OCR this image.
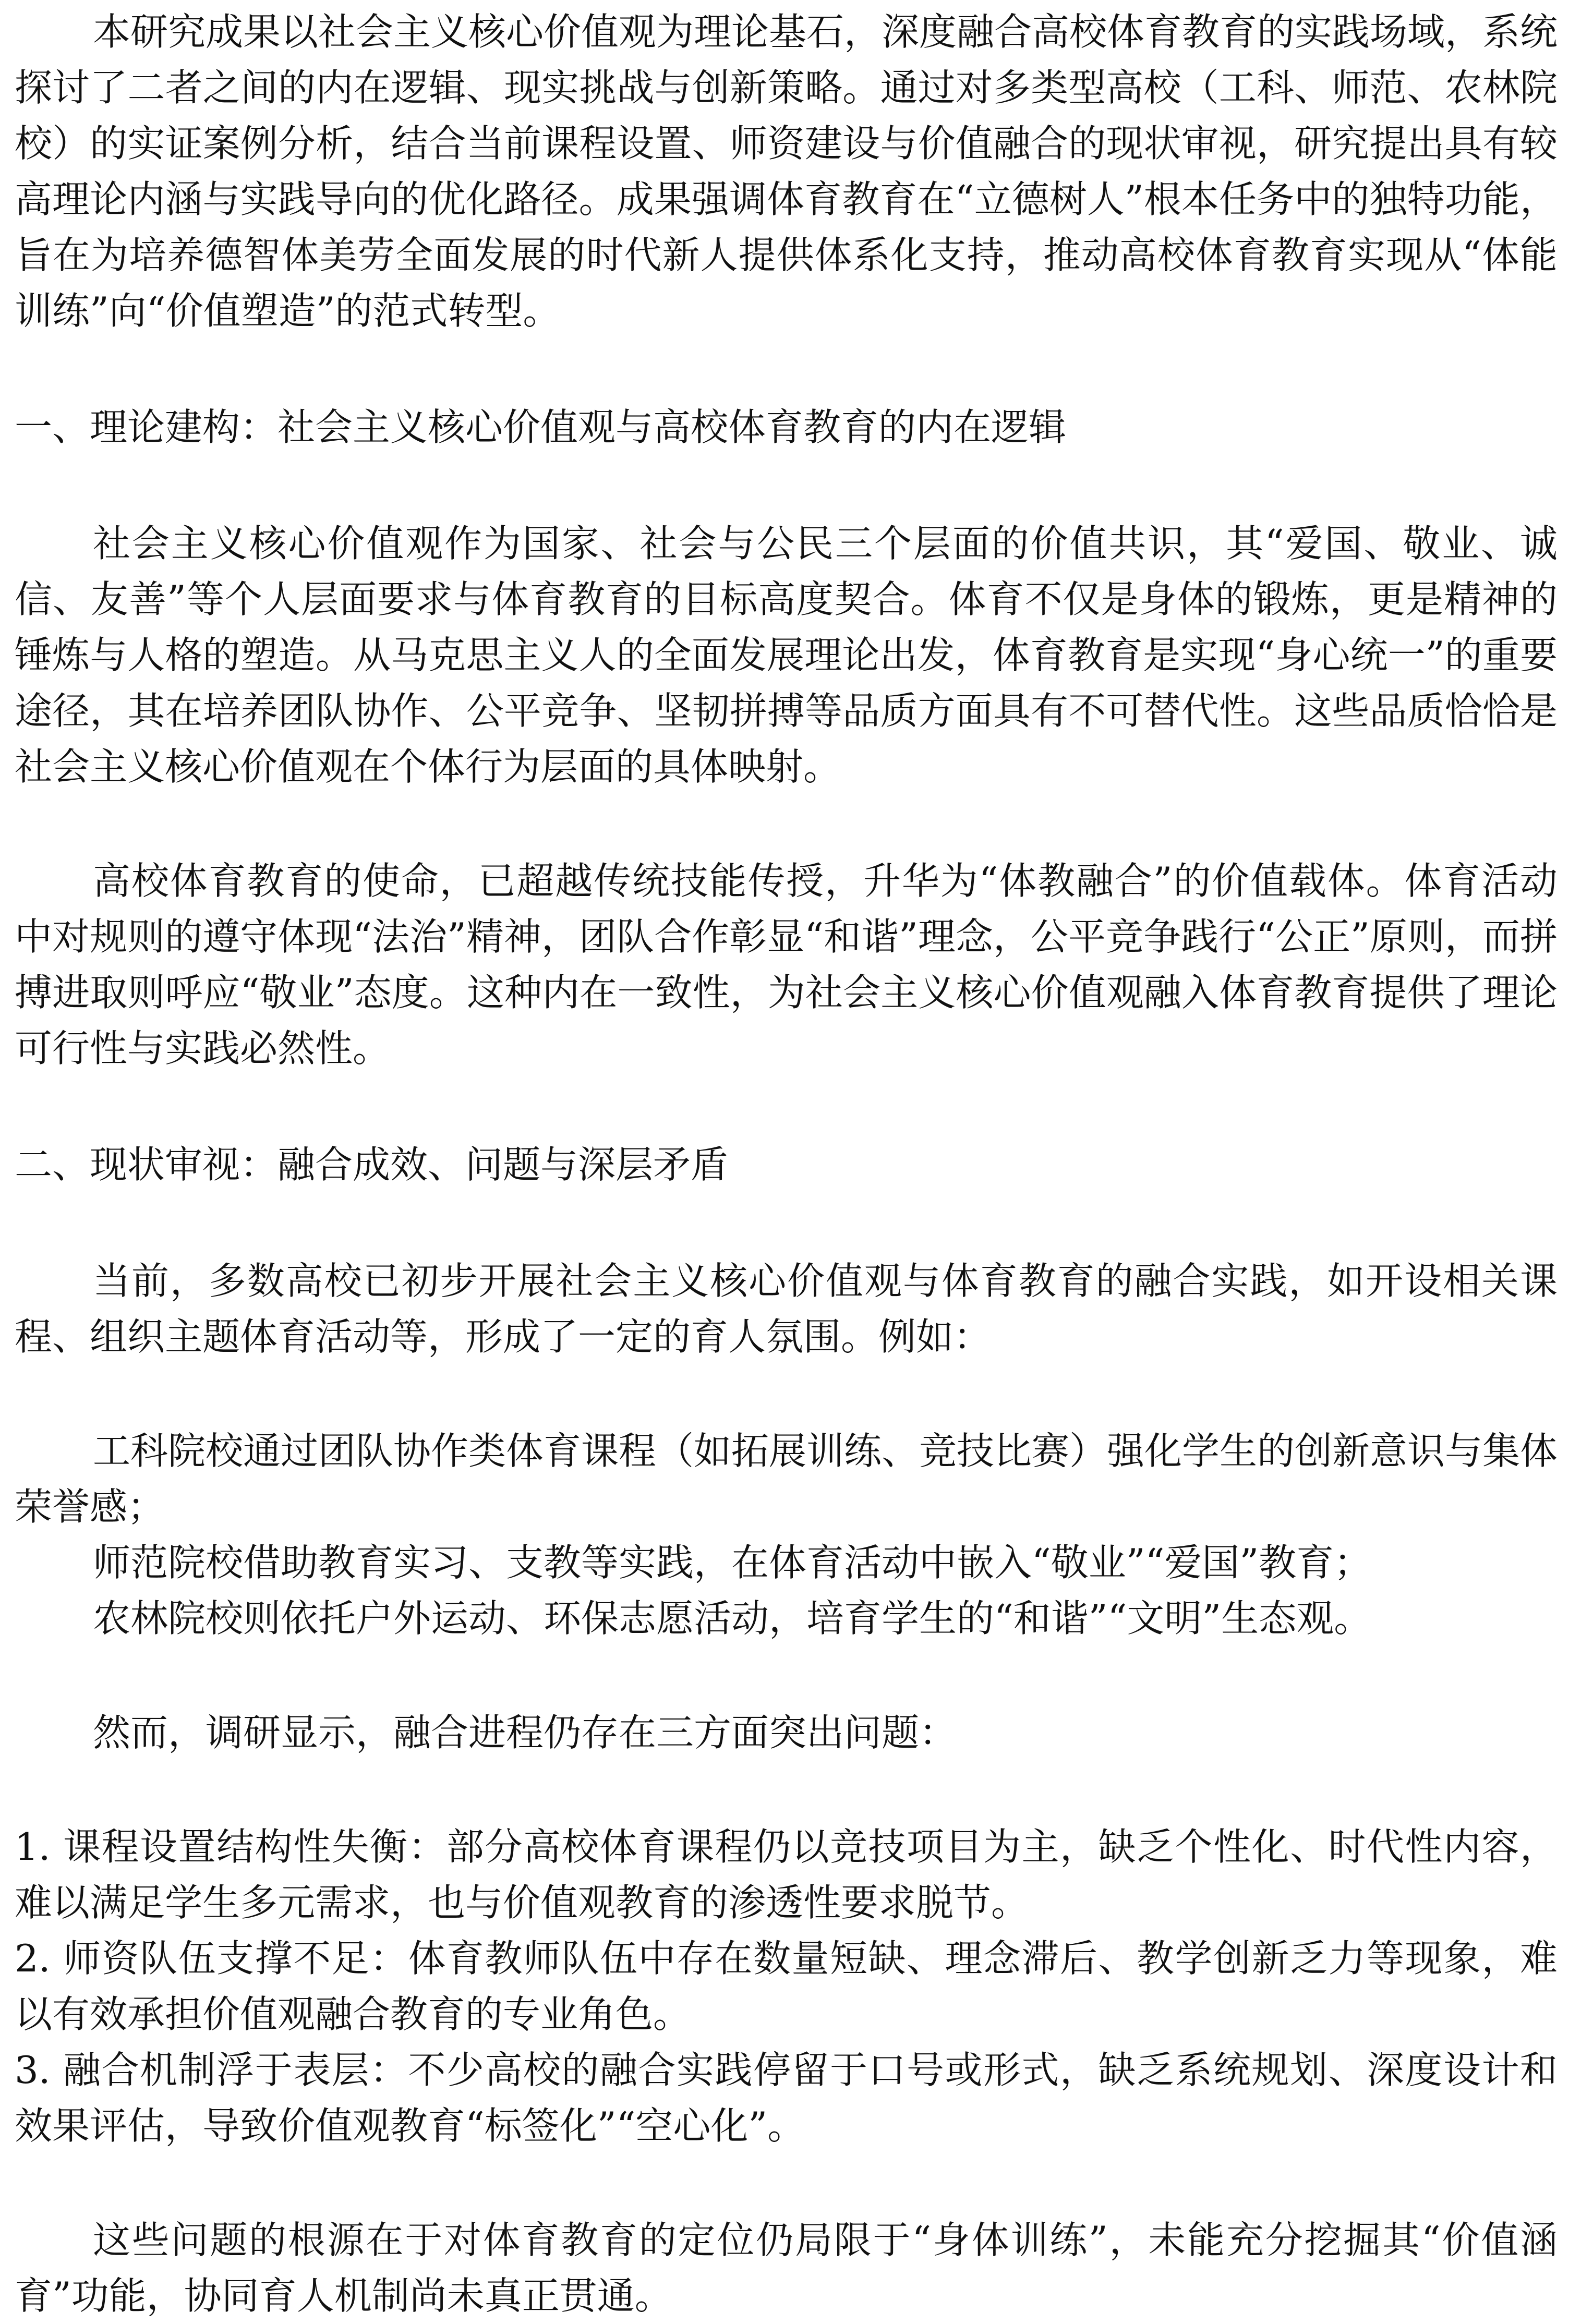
本研究成果以社会主义核心价值观为理论基石，深度融合高校体育教育的实践场域，系统探讨了二者之间的内在逻辑、现实挑战与创新策略。通过对多类型高校（工科、师范、农林院校）的实证案例分析，结合当前课程设置、师资建设与价值融合的现状审视，研究提出具有较高理论内涵与实践导向的优化路径。成果强调体育教育在“立德树人”根本任务中的独特功能，旨在为培养德智体美劳全面发展的时代新人提供体系化支持，推动高校体育教育实现从“体能训练”向“价值塑造”的范式转型。

一、理论建构：社会主义核心价值观与高校体育教育的内在逻辑

社会主义核心价值观作为国家、社会与公民三个层面的价值共识，其“爱国、敬业、诚信、友善”等个人层面要求与体育教育的目标高度契合。体育不仅是身体的锻炼，更是精神的锤炼与人格的塑造。从马克思主义人的全面发展理论出发，体育教育是实现“身心统一”的重要途径，其在培养团队协作、公平竞争、坚韧拼搏等品质方面具有不可替代性。这些品质恰恰是社会主义核心价值观在个体行为层面的具体映射。

高校体育教育的使命，已超越传统技能传授，升华为“体教融合”的价值载体。体育活动中对规则的遵守体现“法治”精神，团队合作彰显“和谐”理念，公平竞争践行“公正”原则，而拼搏进取则呼应“敬业”态度。这种内在一致性，为社会主义核心价值观融入体育教育提供了理论可行性与实践必然性。

二、现状审视：融合成效、问题与深层矛盾

当前，多数高校已初步开展社会主义核心价值观与体育教育的融合实践，如开设相关课程、组织主题体育活动等，形成了一定的育人氛围。例如：

工科院校通过团队协作类体育课程（如拓展训练、竞技比赛）强化学生的创新意识与集体荣誉感；

师范院校借助教育实习、支教等实践，在体育活动中嵌入“敬业”“爱国”教育；

农林院校则依托户外运动、环保志愿活动，培育学生的“和谐”“文明”生态观。

然而，调研显示，融合进程仍存在三方面突出问题：

1. 课程设置结构性失衡：部分高校体育课程仍以竞技项目为主，缺乏个性化、时代性内容，难以满足学生多元需求，也与价值观教育的渗透性要求脱节。

2. 师资队伍支撑不足：体育教师队伍中存在数量短缺、理念滞后、教学创新乏力等现象，难以有效承担价值观融合教育的专业角色。

3. 融合机制浮于表层：不少高校的融合实践停留于口号或形式，缺乏系统规划、深度设计和效果评估，导致价值观教育“标签化”“空心化”。

这些问题的根源在于对体育教育的定位仍局限于“身体训练”，未能充分挖掘其“价值涵育”功能，协同育人机制尚未真正贯通。
